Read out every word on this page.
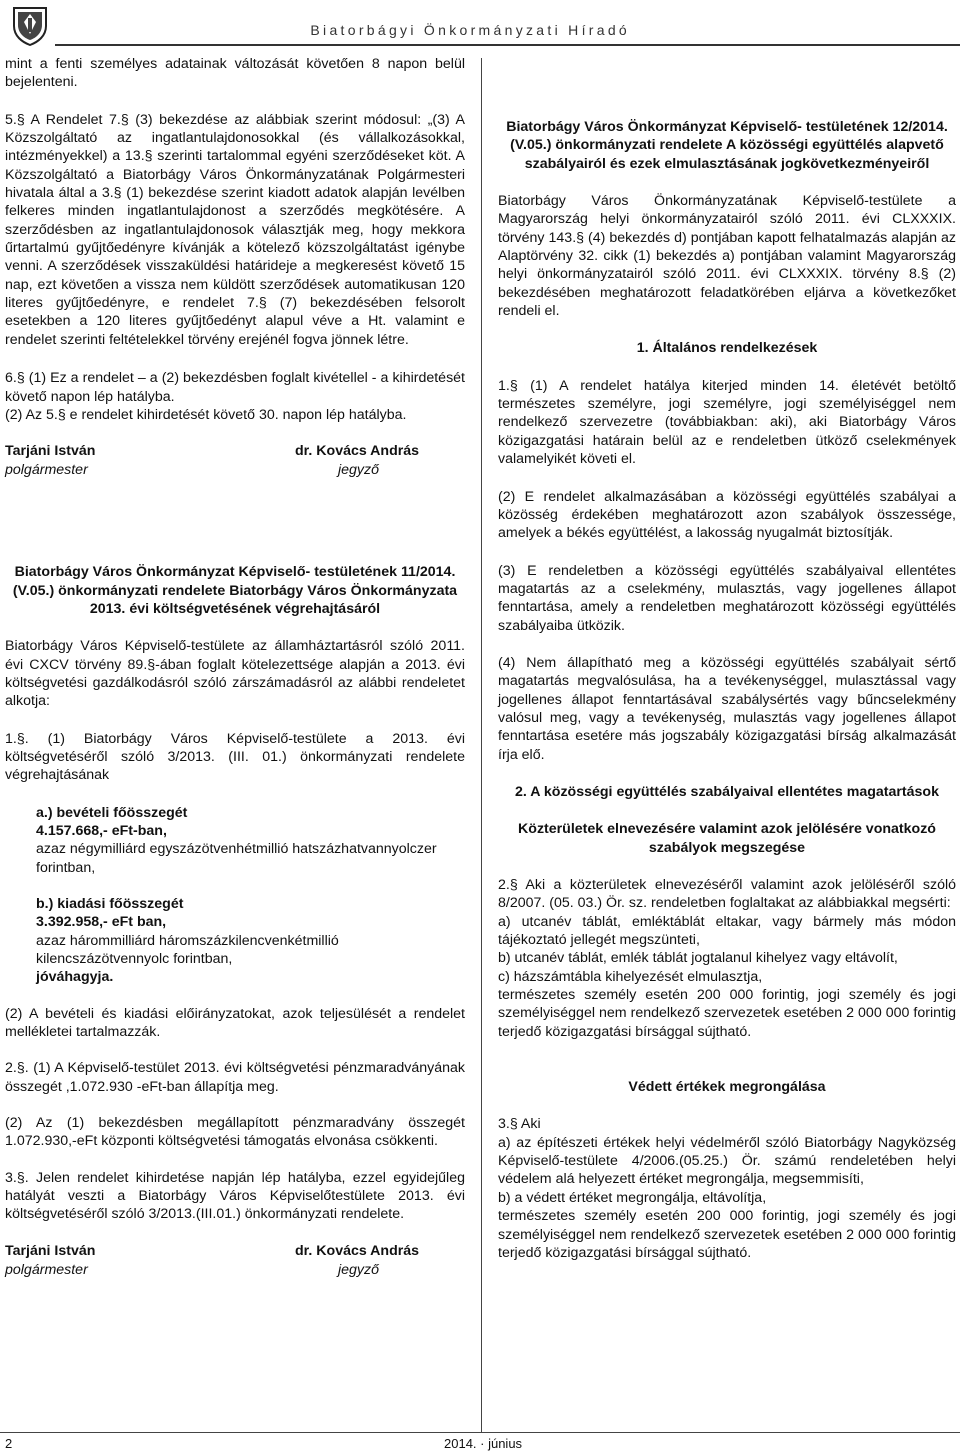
Biatorbágyi Önkormányzati Híradó

mint a fenti személyes adatainak változását követően 8 napon belül bejelenteni.

5.§ A Rendelet 7.§ (3) bekezdése az alábbiak szerint módosul: „(3) A Közszolgáltató az ingatlantulajdonosokkal (és vállalkozásokkal, intézményekkel) a 13.§ szerinti tartalommal egyéni szerződéseket köt. A Közszolgáltató a Biatorbágy Város Önkormányzatának Polgármesteri hivatala által a 3.§ (1) bekezdése szerint kiadott adatok alapján levélben felkeres minden ingatlantulajdonost a szerződés megkötésére. A szerződésben az ingatlantulajdonosok választják meg, hogy mekkora űrtartalmú gyűjtőedényre kívánják a kötelező közszolgáltatást igénybe venni. A szerződések visszaküldési határideje a megkeresést követő 15 nap, ezt követően a vissza nem küldött szerződések automatikusan 120 literes gyűjtőedényre, e rendelet 7.§ (7) bekezdésében felsorolt esetekben a 120 literes gyűjtőedényt alapul véve a Ht. valamint e rendelet szerinti feltételekkel törvény erejénél fogva jönnek létre.

6.§ (1) Ez a rendelet – a (2) bekezdésben foglalt kivétellel - a kihirdetését követő napon lép hatályba.

(2) Az 5.§ e rendelet kihirdetését követő 30. napon lép hatályba.

Tarjáni István
polgármester
dr. Kovács András
jegyző

Biatorbágy Város Önkormányzat Képviselő- testületének 11/2014.(V.05.) önkormányzati rendelete Biatorbágy Város Önkormányzata 2013. évi költségvetésének végrehajtásáról

Biatorbágy Város Képviselő-testülete az államháztartásról szóló 2011. évi CXCV törvény 89.§-ában foglalt kötelezettsége alapján a 2013. évi költségvetési gazdálkodásról szóló zárszámadásról az alábbi rendeletet alkotja:

1.§. (1) Biatorbágy Város Képviselő-testülete a 2013. évi költségvetéséről szóló 3/2013. (III. 01.) önkormányzati rendelete végrehajtásának

a.) bevételi főösszegét

4.157.668,- eFt-ban,

azaz négymilliárd egyszázötvenhétmillió hatszázhatvannyolczer forintban,

b.) kiadási főösszegét

3.392.958,- eFt ban,

azaz hárommilliárd háromszázkilencvenkétmillió kilencszázötvennyolc forintban,

jóváhagyja.

(2) A bevételi és kiadási előirányzatokat, azok teljesülését a rendelet mellékletei tartalmazzák.

2.§. (1) A Képviselő-testület 2013. évi költségvetési pénzmaradványának összegét ,1.072.930 -eFt-ban állapítja meg.

(2) Az (1) bekezdésben megállapított pénzmaradvány összegét 1.072.930,-eFt központi költségvetési támogatás elvonása csökkenti.

3.§. Jelen rendelet kihirdetése napján lép hatályba, ezzel egyidejűleg hatályát veszti a Biatorbágy Város Képviselőtestülete 2013. évi költségvetéséről szóló 3/2013.(III.01.) önkormányzati rendelete.

Tarjáni István
polgármester
dr. Kovács András
jegyző

Biatorbágy Város Önkormányzat Képviselő- testületének 12/2014.(V.05.) önkormányzati rendelete A közösségi együttélés alapvető szabályairól és ezek elmulasztásának jogkövetkezményeiről

Biatorbágy Város Önkormányzatának Képviselő-testülete a Magyarország helyi önkormányzatairól szóló 2011. évi CLXXXIX. törvény 143.§ (4) bekezdés d) pontjában kapott felhatalmazás alapján az Alaptörvény 32. cikk (1) bekezdés a) pontjában valamint Magyarország helyi önkormányzatairól szóló 2011. évi CLXXXIX. törvény 8.§ (2) bekezdésében meghatározott feladatkörében eljárva a következőket rendeli el.

1. Általános rendelkezések

1.§ (1) A rendelet hatálya kiterjed minden 14. életévét betöltő természetes személyre, jogi személyre, jogi személyiséggel nem rendelkező szervezetre (továbbiakban: aki), aki Biatorbágy Város közigazgatási határain belül az e rendeletben ütköző cselekmények valamelyikét követi el.

(2) E rendelet alkalmazásában a közösségi együttélés szabályai a közösség érdekében meghatározott azon szabályok összessége, amelyek a békés együttélést, a lakosság nyugalmát biztosítják.

(3) E rendeletben a közösségi együttélés szabályaival ellentétes magatartás az a cselekmény, mulasztás, vagy jogellenes állapot fenntartása, amely a rendeletben meghatározott közösségi együttélés szabályaiba ütközik.

(4) Nem állapítható meg a közösségi együttélés szabályait sértő magatartás megvalósulása, ha a tevékenységgel, mulasztással vagy jogellenes állapot fenntartásával szabálysértés vagy bűncselekmény valósul meg, vagy a tevékenység, mulasztás vagy jogellenes állapot fenntartása esetére más jogszabály közigazgatási bírság alkalmazását írja elő.

2. A közösségi együttélés szabályaival ellentétes magatartások

Közterületek elnevezésére valamint azok jelölésére vonatkozó szabályok megszegése

2.§ Aki a közterületek elnevezéséről valamint azok jelöléséről szóló 8/2007. (05. 03.) Ör. sz. rendeletben foglaltakat az alábbiakkal megsérti:

a) utcanév táblát, emléktáblát eltakar, vagy bármely más módon tájékoztató jellegét megszünteti,

b) utcanév táblát, emlék táblát jogtalanul kihelyez vagy eltávolít,

c) házszámtábla kihelyezését elmulasztja,

természetes személy esetén 200 000 forintig, jogi személy és jogi személyiséggel nem rendelkező szervezetek esetében 2 000 000 forintig terjedő közigazgatási bírsággal sújtható.

Védett értékek megrongálása

3.§ Aki

a) az építészeti értékek helyi védelméről szóló Biatorbágy Nagyközség Képviselő-testülete 4/2006.(05.25.) Ör. számú rendeletében helyi védelem alá helyezett értéket megrongálja, megsemmisíti,

b) a védett értéket megrongálja, eltávolítja,

természetes személy esetén 200 000 forintig, jogi személy és jogi személyiséggel nem rendelkező szervezetek esetében 2 000 000 forintig terjedő közigazgatási bírsággal sújtható.

2	2014. · június
